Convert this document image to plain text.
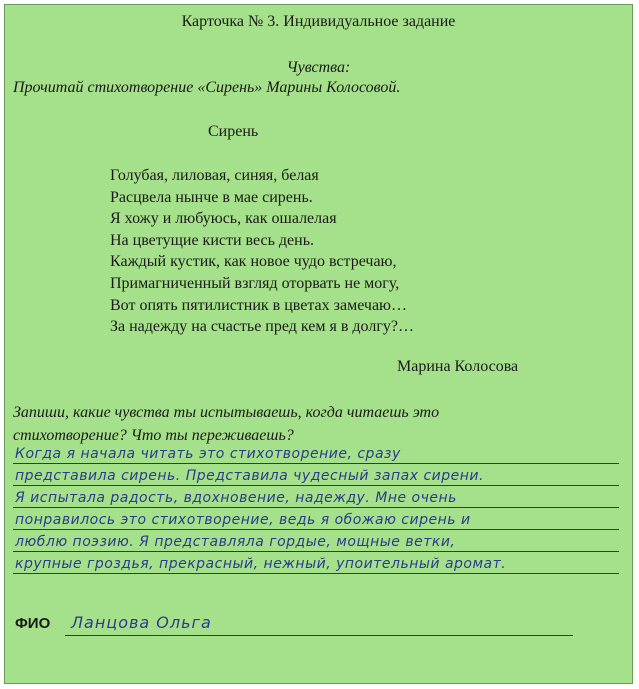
Карточка № 3. Индивидуальное задание
Чувства:
Прочитай стихотворение «Сирень» Марины Колосовой.
Сирень
Голубая, лиловая, синяя, белая
Расцвела нынче в мае сирень.
Я хожу и любуюсь, как ошалелая
На цветущие кисти весь день.
Каждый кустик, как новое чудо встречаю,
Примагниченный взгляд оторвать не могу,
Вот опять пятилистник в цветах замечаю…
За надежду на счастье пред кем я в долгу?…
Марина Колосова
Запиши, какие чувства ты испытываешь, когда читаешь это
стихотворение? Что ты переживаешь?
Когда я начала читать это стихотворение, сразу
представила сирень. Представила чудесный запах сирени.
Я испытала радость, вдохновение, надежду. Мне очень
понравилось это стихотворение, ведь я обожаю сирень и
люблю поэзию. Я представляла гордые, мощные ветки,
крупные гроздья, прекрасный, нежный, упоительный аромат.
ФИО Ланцова Ольга
